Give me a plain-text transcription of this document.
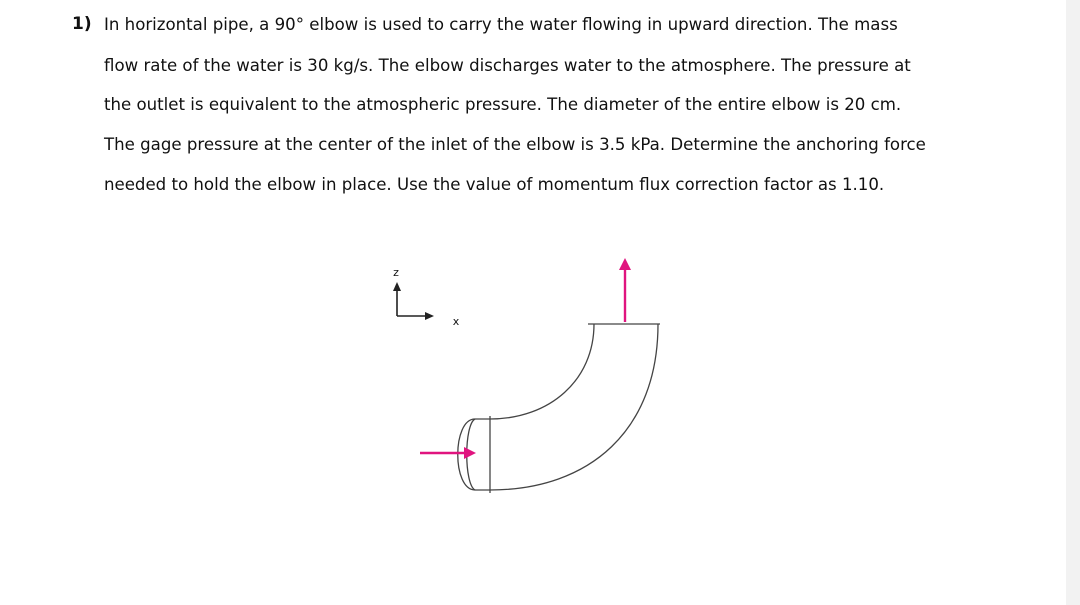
1) In horizontal pipe, a 90° elbow is used to carry the water flowing in upward direction. The mass
flow rate of the water is 30 kg/s. The elbow discharges water to the atmosphere. The pressure at
the outlet is equivalent to the atmospheric pressure. The diameter of the entire elbow is 20 cm.
The gage pressure at the center of the inlet of the elbow is 3.5 kPa. Determine the anchoring force
needed to hold the elbow in place. Use the value of momentum flux correction factor as 1.10.
z
x
